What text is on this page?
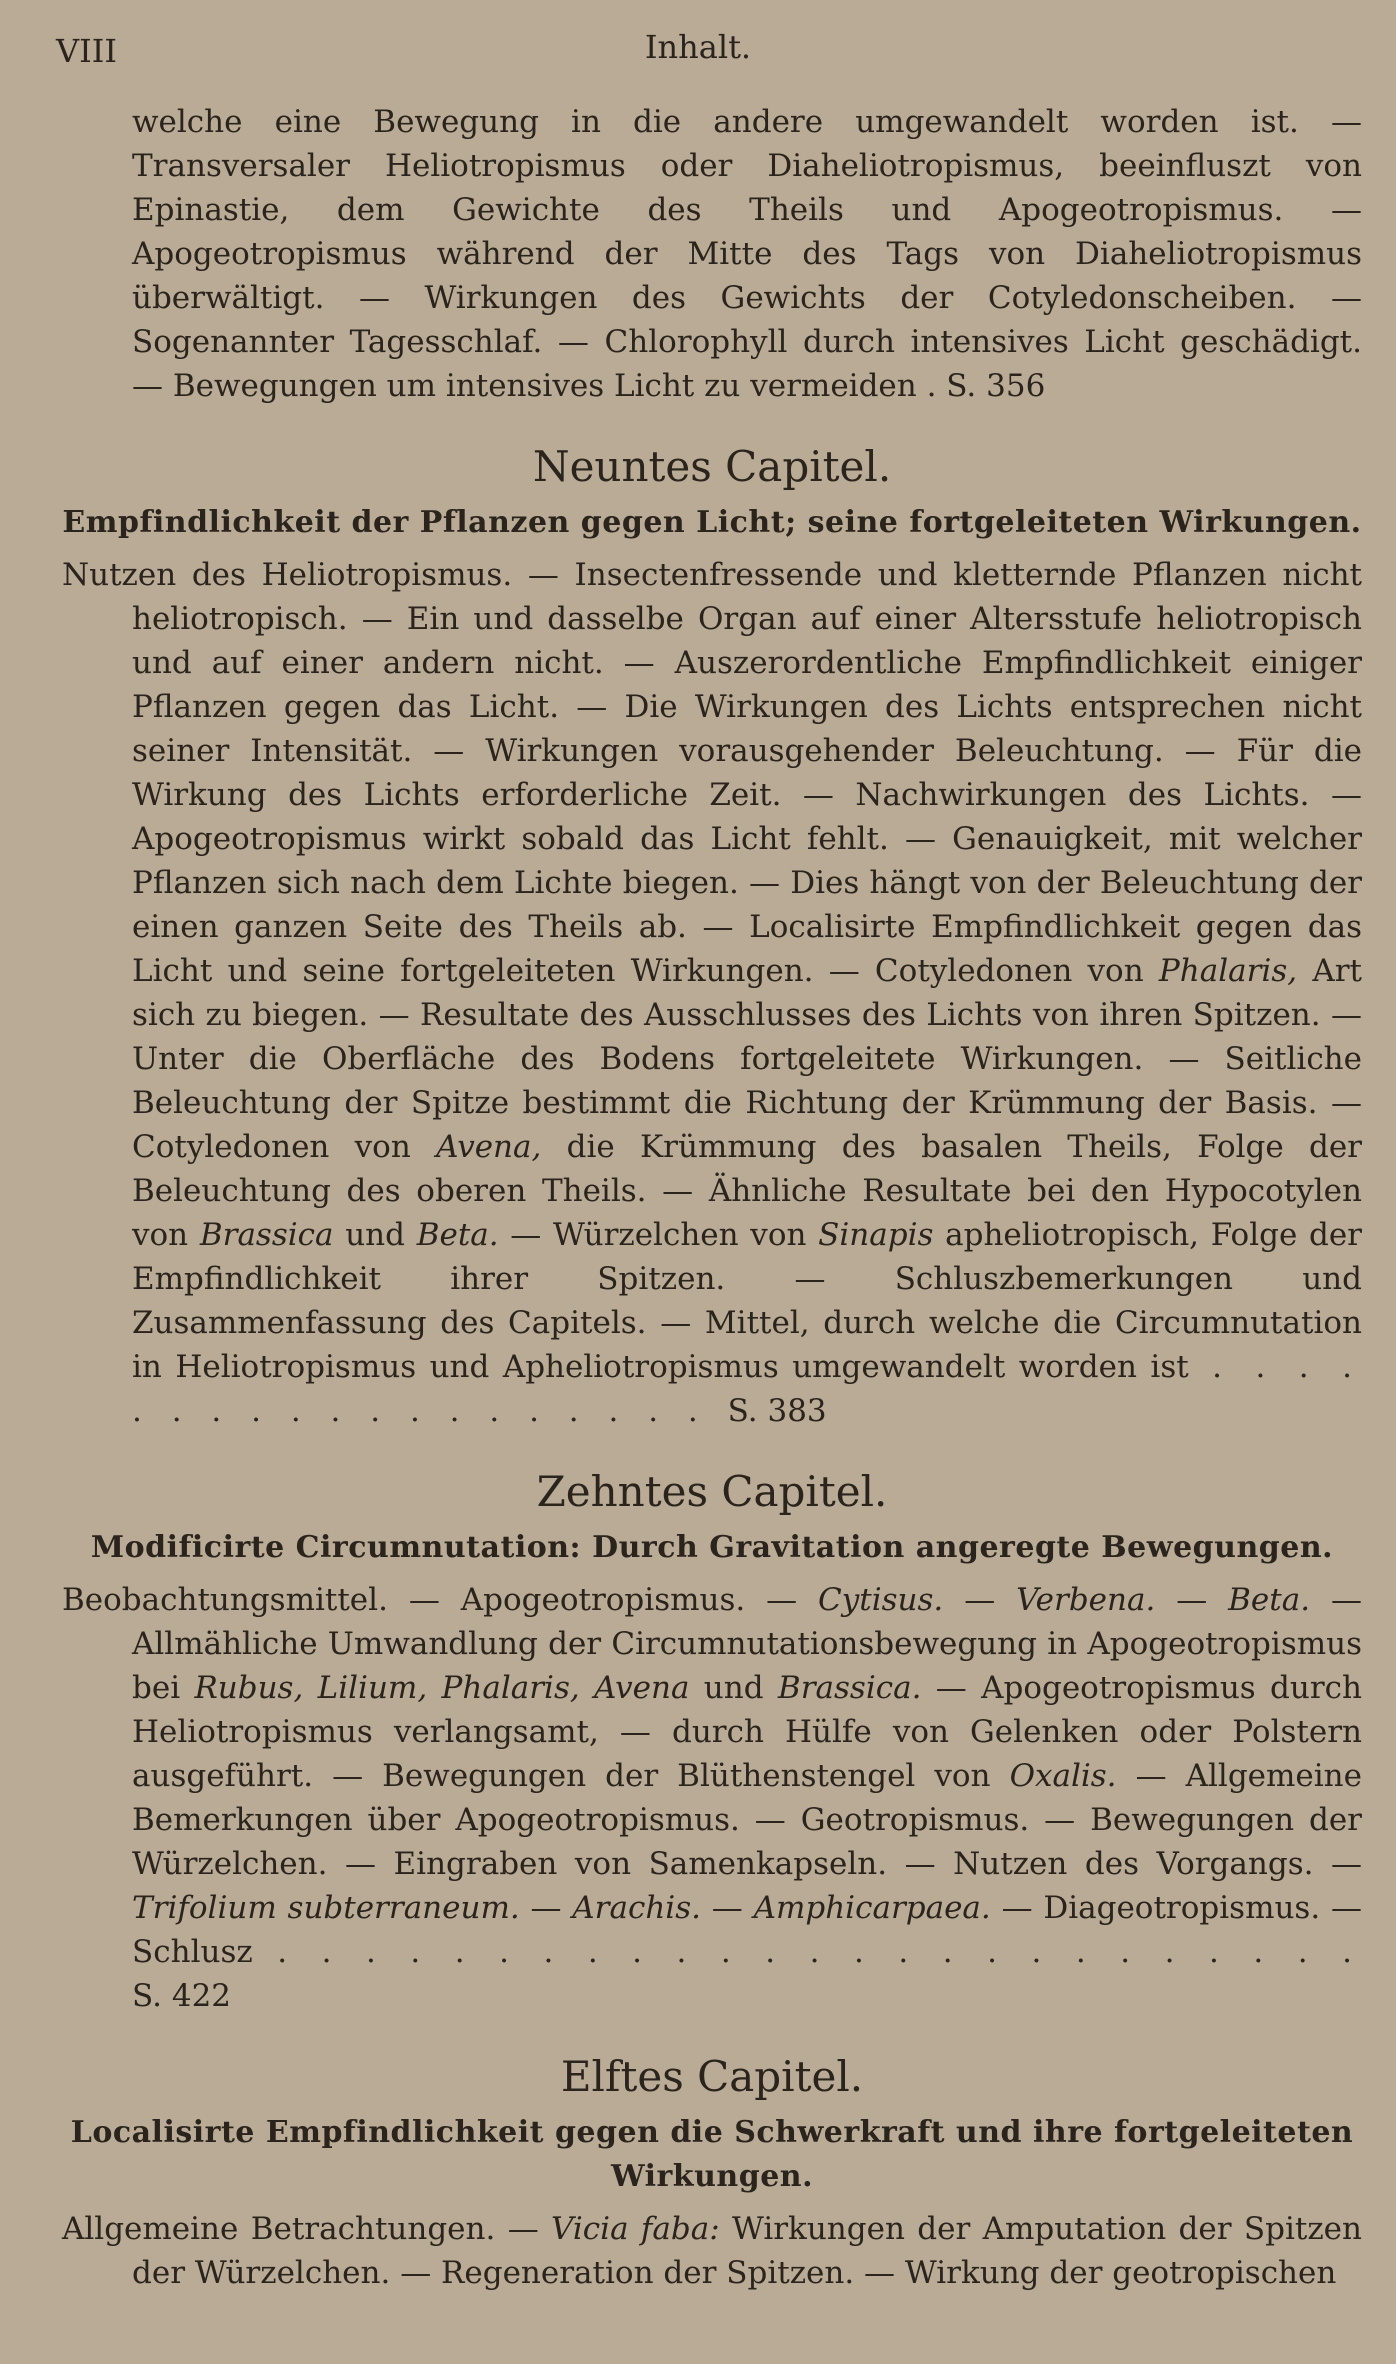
VIII	Inhalt.

welche eine Bewegung in die andere umgewandelt worden ist. — Transversaler Heliotropismus oder Diaheliotropismus, beeinfluszt von Epinastie, dem Gewichte des Theils und Apogeotropismus. — Apogeotropismus während der Mitte des Tags von Diaheliotropismus überwältigt. — Wirkungen des Gewichts der Cotyledonscheiben. — Sogenannter Tagesschlaf. — Chlorophyll durch intensives Licht geschädigt. — Bewegungen um intensives Licht zu vermeiden . S. 356

Neuntes Capitel.
Empfindlichkeit der Pflanzen gegen Licht; seine fortgeleiteten Wirkungen.

Nutzen des Heliotropismus. — Insectenfressende und kletternde Pflanzen nicht heliotropisch. — Ein und dasselbe Organ auf einer Altersstufe heliotropisch und auf einer andern nicht. — Auszerordentliche Empfindlichkeit einiger Pflanzen gegen das Licht. — Die Wirkungen des Lichts entsprechen nicht seiner Intensität. — Wirkungen vorausgehender Beleuchtung. — Für die Wirkung des Lichts erforderliche Zeit. — Nachwirkungen des Lichts. — Apogeotropismus wirkt sobald das Licht fehlt. — Genauigkeit, mit welcher Pflanzen sich nach dem Lichte biegen. — Dies hängt von der Beleuchtung der einen ganzen Seite des Theils ab. — Localisirte Empfindlichkeit gegen das Licht und seine fortgeleiteten Wirkungen. — Cotyledonen von Phalaris, Art sich zu biegen. — Resultate des Ausschlusses des Lichts von ihren Spitzen. — Unter die Oberfläche des Bodens fortgeleitete Wirkungen. — Seitliche Beleuchtung der Spitze bestimmt die Richtung der Krümmung der Basis. — Cotyledonen von Avena, die Krümmung des basalen Theils, Folge der Beleuchtung des oberen Theils. — Ähnliche Resultate bei den Hypocotylen von Brassica und Beta. — Würzelchen von Sinapis apheliotropisch, Folge der Empfindlichkeit ihrer Spitzen. — Schluszbemerkungen und Zusammenfassung des Capitels. — Mittel, durch welche die Circumnutation in Heliotropismus und Apheliotropismus umgewandelt worden ist . . . . . . . . . . . . . . . . . . . S. 383

Zehntes Capitel.
Modificirte Circumnutation: Durch Gravitation angeregte Bewegungen.

Beobachtungsmittel. — Apogeotropismus. — Cytisus. — Verbena. — Beta. — Allmähliche Umwandlung der Circumnutationsbewegung in Apogeotropismus bei Rubus, Lilium, Phalaris, Avena und Brassica. — Apogeotropismus durch Heliotropismus verlangsamt, — durch Hülfe von Gelenken oder Polstern ausgeführt. — Bewegungen der Blüthenstengel von Oxalis. — Allgemeine Bemerkungen über Apogeotropismus. — Geotropismus. — Bewegungen der Würzelchen. — Eingraben von Samenkapseln. — Nutzen des Vorgangs. — Trifolium subterraneum. — Arachis. — Amphicarpaea. — Diageotropismus. — Schlusz . . . . . . . . . . . . . . . . . . . . . . . . . S. 422

Elftes Capitel.
Localisirte Empfindlichkeit gegen die Schwerkraft und ihre fortgeleiteten Wirkungen.

Allgemeine Betrachtungen. — Vicia faba: Wirkungen der Amputation der Spitzen der Würzelchen. — Regeneration der Spitzen. — Wirkung der geotropischen
